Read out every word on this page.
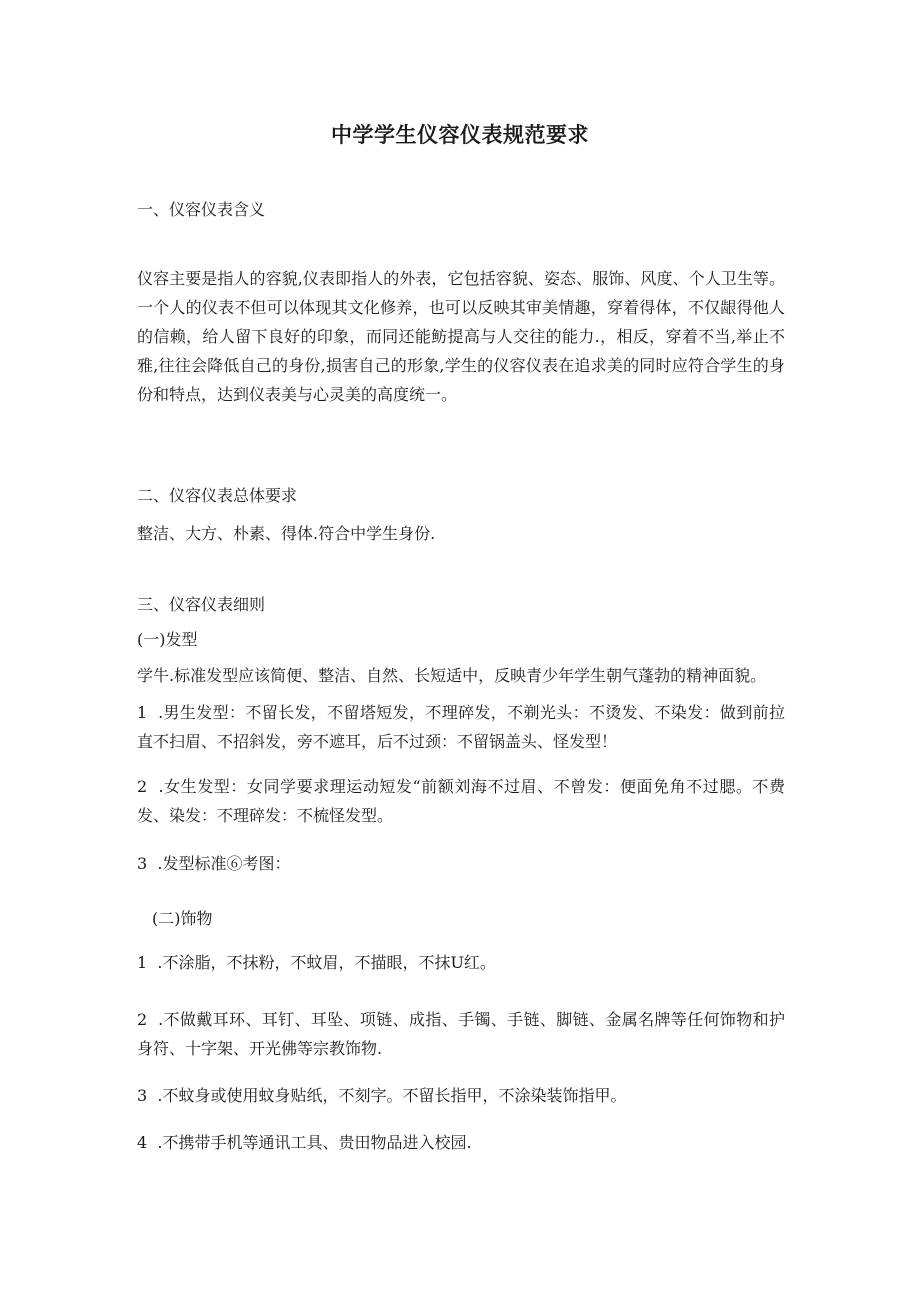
中学学生仪容仪表规范要求
一、仪容仪表含义
仪容主要是指人的容貌,仪表即指人的外表，它包括容貌、姿态、服饰、风度、个人卫生等。一个人的仪表不但可以体现其文化修养，也可以反映其审美情趣，穿着得体，不仅龈得他人的信赖，给人留下良好的印象，而同还能鲂提高与人交往的能力.，相反，穿着不当,举止不雅,往往会降低自己的身份,损害自己的形象,学生的仪容仪表在追求美的同时应符合学生的身份和特点，达到仪表美与心灵美的高度统一。
二、仪容仪表总体要求
整洁、大方、朴素、得体.符合中学生身份.
三、仪容仪表细则
(一)发型
学牛.标准发型应该简便、整洁、自然、长短适中，反映青少年学生朝气蓬勃的精神面貌。
1  .男生发型：不留长发，不留塔短发，不理碎发，不剃光头：不烫发、不染发：做到前拉直不扫眉、不招斜发，旁不遮耳，后不过颈：不留锅盖头、怪发型！
2  .女生发型：女同学要求理运动短发“前额刘海不过眉、不曾发：便面免角不过腮。不费发、染发：不理碎发：不梳怪发型。
3  .发型标准⑥考图：
(二)饰物
1  .不涂脂，不抹粉，不蚊眉，不描眼，不抹U红。
2  .不做戴耳环、耳钉、耳坠、项链、成指、手镯、手链、脚链、金属名牌等任何饰物和护身符、十字架、开光佛等宗教饰物.
3  .不蚊身或使用蚊身贴纸，不刻字。不留长指甲，不涂染装饰指甲。
4  .不携带手机等通讯工具、贵田物品进入校园.
